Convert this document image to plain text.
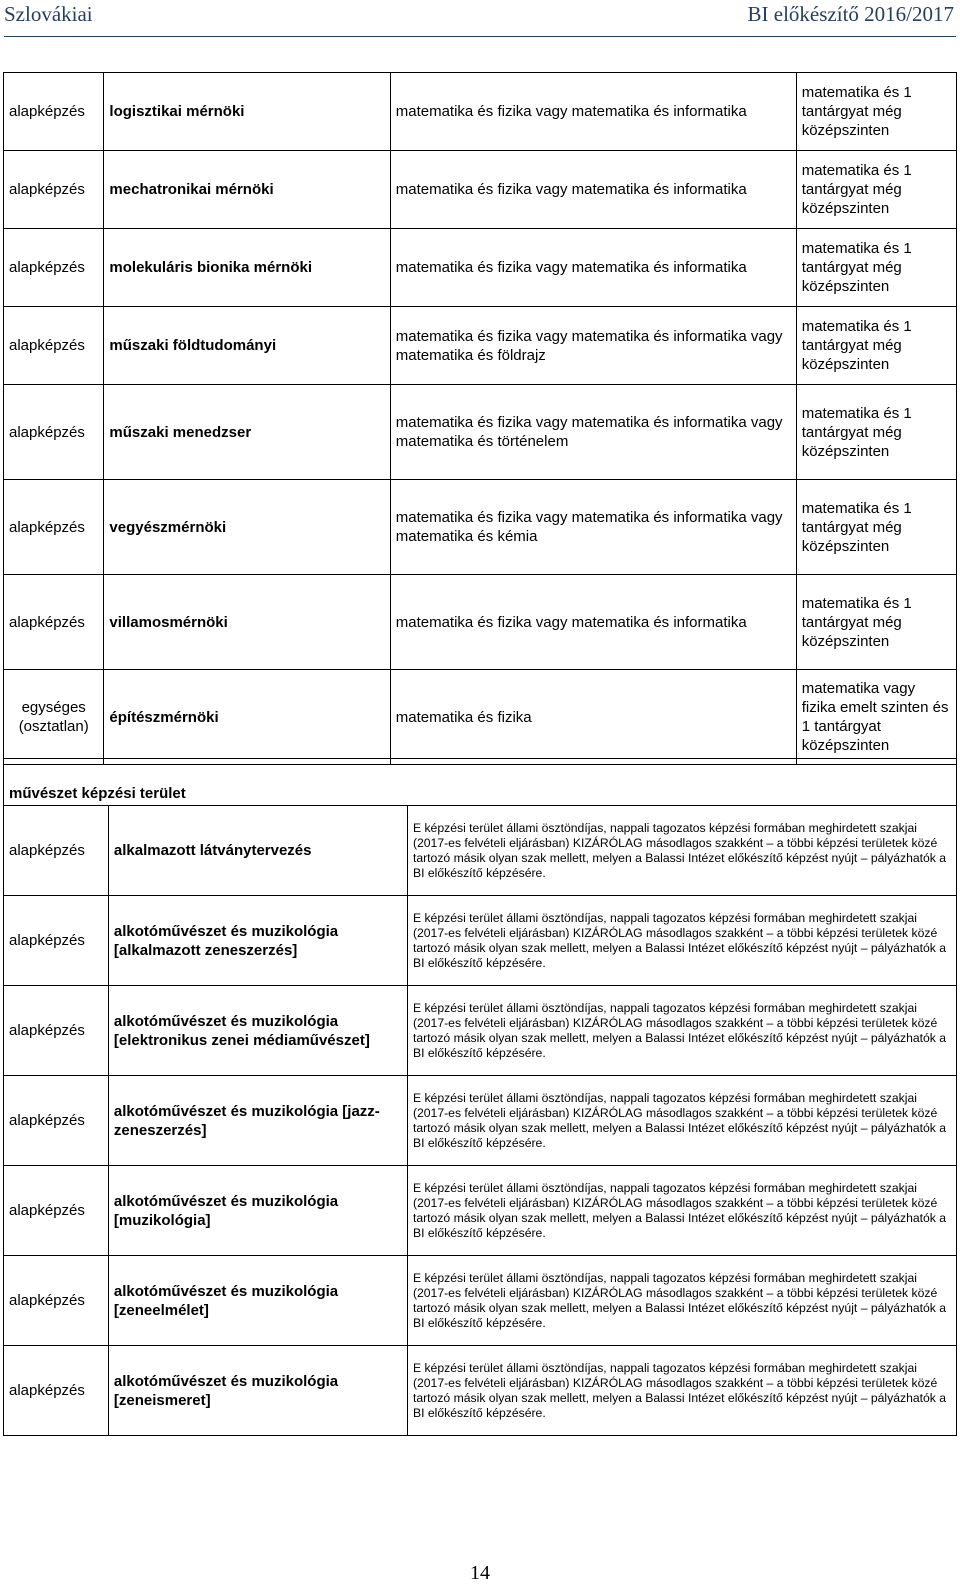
Szlovákiai	BI előkészítő 2016/2017
alapképzés	logisztikai mérnöki	matematika és fizika vagy matematika és informatika	matematika és 1 tantárgyat még középszinten
alapképzés	mechatronikai mérnöki	matematika és fizika vagy matematika és informatika	matematika és 1 tantárgyat még középszinten
alapképzés	molekuláris bionika mérnöki	matematika és fizika vagy matematika és informatika	matematika és 1 tantárgyat még középszinten
alapképzés	műszaki földtudományi	matematika és fizika vagy matematika és informatika vagy matematika és földrajz	matematika és 1 tantárgyat még középszinten
alapképzés	műszaki menedzser	matematika és fizika vagy matematika és informatika vagy matematika és történelem	matematika és 1 tantárgyat még középszinten
alapképzés	vegyészmérnöki	matematika és fizika vagy matematika és informatika vagy matematika és kémia	matematika és 1 tantárgyat még középszinten
alapképzés	villamosmérnöki	matematika és fizika vagy matematika és informatika	matematika és 1 tantárgyat még középszinten
egységes (osztatlan)	építészmérnöki	matematika és fizika	matematika vagy fizika emelt szinten és 1 tantárgyat középszinten
művészet képzési terület		
alapképzés	alkalmazott látványtervezés	E képzési terület állami ösztöndíjas, nappali tagozatos képzési formában meghirdetett szakjai (2017-es felvételi eljárásban) KIZÁRÓLAG másodlagos szakként – a többi képzési területek közé tartozó másik olyan szak mellett, melyen a Balassi Intézet előkészítő képzést nyújt – pályázhatók a BI előkészítő képzésére.
alapképzés	alkotóművészet és muzikológia [alkalmazott zeneszerzés]	E képzési terület állami ösztöndíjas, nappali tagozatos képzési formában meghirdetett szakjai (2017-es felvételi eljárásban) KIZÁRÓLAG másodlagos szakként – a többi képzési területek közé tartozó másik olyan szak mellett, melyen a Balassi Intézet előkészítő képzést nyújt – pályázhatók a BI előkészítő képzésére.
alapképzés	alkotóművészet és muzikológia [elektronikus zenei médiaművészet]	E képzési terület állami ösztöndíjas, nappali tagozatos képzési formában meghirdetett szakjai (2017-es felvételi eljárásban) KIZÁRÓLAG másodlagos szakként – a többi képzési területek közé tartozó másik olyan szak mellett, melyen a Balassi Intézet előkészítő képzést nyújt – pályázhatók a BI előkészítő képzésére.
alapképzés	alkotóművészet és muzikológia [jazz-zeneszerzés]	E képzési terület állami ösztöndíjas, nappali tagozatos képzési formában meghirdetett szakjai (2017-es felvételi eljárásban) KIZÁRÓLAG másodlagos szakként – a többi képzési területek közé tartozó másik olyan szak mellett, melyen a Balassi Intézet előkészítő képzést nyújt – pályázhatók a BI előkészítő képzésére.
alapképzés	alkotóművészet és muzikológia [muzikológia]	E képzési terület állami ösztöndíjas, nappali tagozatos képzési formában meghirdetett szakjai (2017-es felvételi eljárásban) KIZÁRÓLAG másodlagos szakként – a többi képzési területek közé tartozó másik olyan szak mellett, melyen a Balassi Intézet előkészítő képzést nyújt – pályázhatók a BI előkészítő képzésére.
alapképzés	alkotóművészet és muzikológia [zeneelmélet]	E képzési terület állami ösztöndíjas, nappali tagozatos képzési formában meghirdetett szakjai (2017-es felvételi eljárásban) KIZÁRÓLAG másodlagos szakként – a többi képzési területek közé tartozó másik olyan szak mellett, melyen a Balassi Intézet előkészítő képzést nyújt – pályázhatók a BI előkészítő képzésére.
alapképzés	alkotóművészet és muzikológia [zeneismeret]	E képzési terület állami ösztöndíjas, nappali tagozatos képzési formában meghirdetett szakjai (2017-es felvételi eljárásban) KIZÁRÓLAG másodlagos szakként – a többi képzési területek közé tartozó másik olyan szak mellett, melyen a Balassi Intézet előkészítő képzést nyújt – pályázhatók a BI előkészítő képzésére.
14
